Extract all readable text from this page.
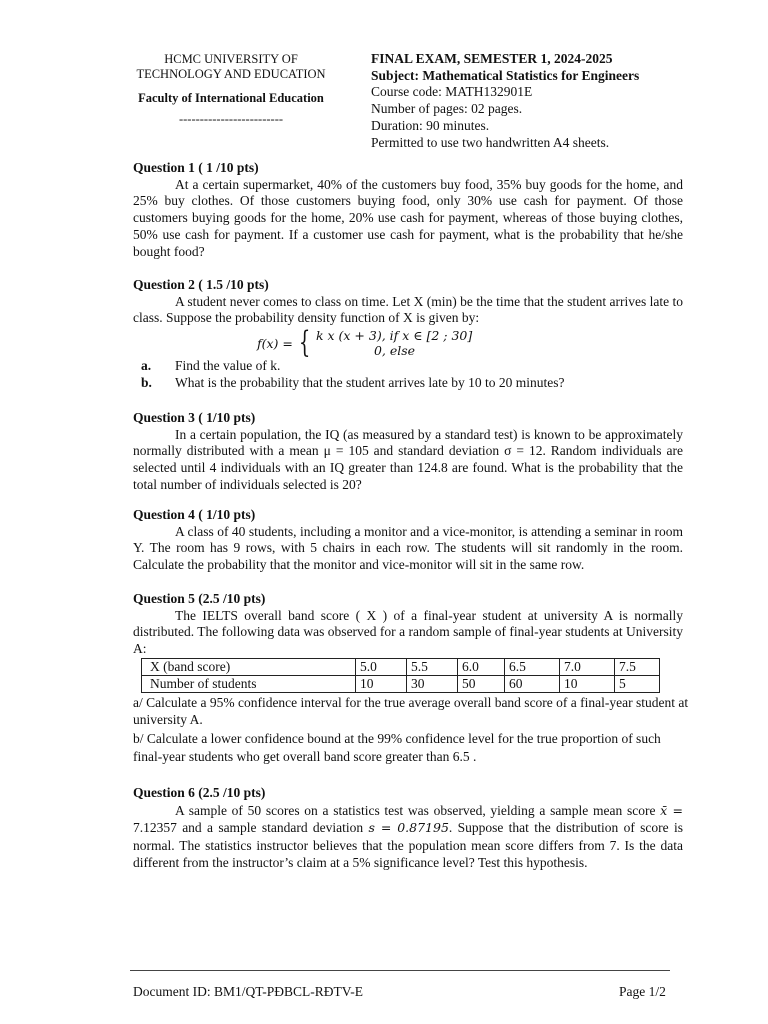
HCMC UNIVERSITY OF
TECHNOLOGY AND EDUCATION
Faculty of International Education
-------------------------
FINAL EXAM, SEMESTER 1, 2024-2025
Subject: Mathematical Statistics for Engineers
Course code: MATH132901E
Number of pages: 02 pages.
Duration: 90 minutes.
Permitted to use two handwritten A4 sheets.
Question 1 ( 1 /10 pts)
At a certain supermarket, 40% of the customers buy food, 35% buy goods for the home, and 25% buy clothes. Of those customers buying food, only 30% use cash for payment. Of those customers buying goods for the home, 20% use cash for payment, whereas of those buying clothes, 50% use cash for payment. If a customer use cash for payment, what is the probability that he/she bought food?
Question 2 ( 1.5 /10 pts)
A student never comes to class on time. Let X (min) be the time that the student arrives late to class. Suppose the probability density function of X is given by:
f(x) = { k x (x + 3), if x ∈ [2 ; 30]
0, else
a. Find the value of k.
b. What is the probability that the student arrives late by 10 to 20 minutes?
Question 3 ( 1/10 pts)
In a certain population, the IQ (as measured by a standard test) is known to be approximately normally distributed with a mean μ = 105 and standard deviation σ = 12. Random individuals are selected until 4 individuals with an IQ greater than 124.8 are found. What is the probability that the total number of individuals selected is 20?
Question 4 ( 1/10 pts)
A class of 40 students, including a monitor and a vice-monitor, is attending a seminar in room Y. The room has 9 rows, with 5 chairs in each row. The students will sit randomly in the room. Calculate the probability that the monitor and vice-monitor will sit in the same row.
Question 5 (2.5 /10 pts)
The IELTS overall band score ( X ) of a final-year student at university A is normally distributed. The following data was observed for a random sample of final-year students at University A:
X (band score)	5.0	5.5	6.0	6.5	7.0	7.5
Number of students	10	30	50	60	10	5
a/ Calculate a 95% confidence interval for the true average overall band score of a final-year student at university A.
b/ Calculate a lower confidence bound at the 99% confidence level for the true proportion of such final-year students who get overall band score greater than 6.5 .
Question 6 (2.5 /10 pts)
A sample of 50 scores on a statistics test was observed, yielding a sample mean score x̄ = 7.12357 and a sample standard deviation s = 0.87195. Suppose that the distribution of score is normal. The statistics instructor believes that the population mean score differs from 7. Is the data different from the instructor’s claim at a 5% significance level? Test this hypothesis.
Document ID: BM1/QT-PĐBCL-RĐTV-E	Page 1/2
